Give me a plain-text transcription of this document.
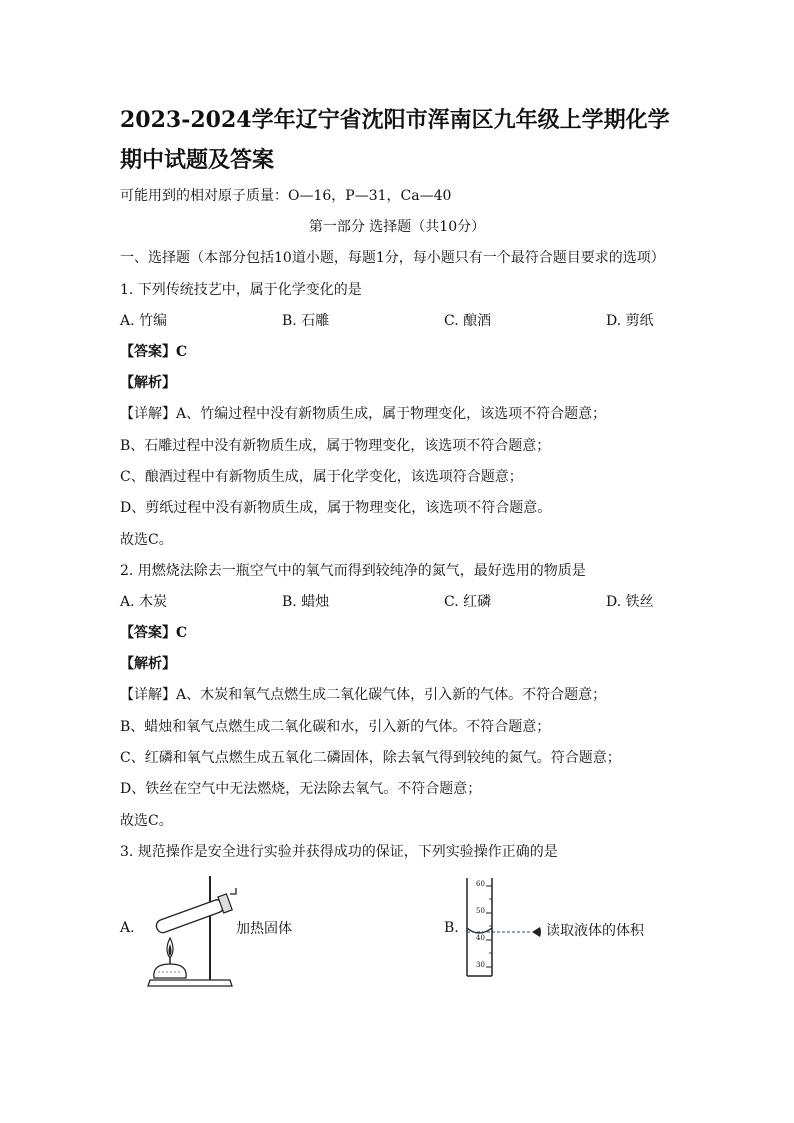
2023-2024学年辽宁省沈阳市浑南区九年级上学期化学期中试题及答案
可能用到的相对原子质量：O—16，P—31，Ca—40
第一部分 选择题（共10分）
一、选择题（本部分包括10道小题，每题1分，每小题只有一个最符合题目要求的选项）
1. 下列传统技艺中，属于化学变化的是
A. 竹编	B. 石雕	C. 酿酒	D. 剪纸
【答案】C
【解析】
【详解】A、竹编过程中没有新物质生成，属于物理变化，该选项不符合题意；
B、石雕过程中没有新物质生成，属于物理变化，该选项不符合题意；
C、酿酒过程中有新物质生成，属于化学变化，该选项符合题意；
D、剪纸过程中没有新物质生成，属于物理变化，该选项不符合题意。
故选C。
2. 用燃烧法除去一瓶空气中的氧气而得到较纯净的氮气，最好选用的物质是
A. 木炭	B. 蜡烛	C. 红磷	D. 铁丝
【答案】C
【解析】
【详解】A、木炭和氧气点燃生成二氧化碳气体，引入新的气体。不符合题意；
B、蜡烛和氧气点燃生成二氧化碳和水，引入新的气体。不符合题意；
C、红磷和氧气点燃生成五氧化二磷固体，除去氧气得到较纯的氮气。符合题意；
D、铁丝在空气中无法燃烧，无法除去氧气。不符合题意；
故选C。
3. 规范操作是安全进行实验并获得成功的保证，下列实验操作正确的是
A.	加热固体	B.
60
50
40
30
读取液体的体积
